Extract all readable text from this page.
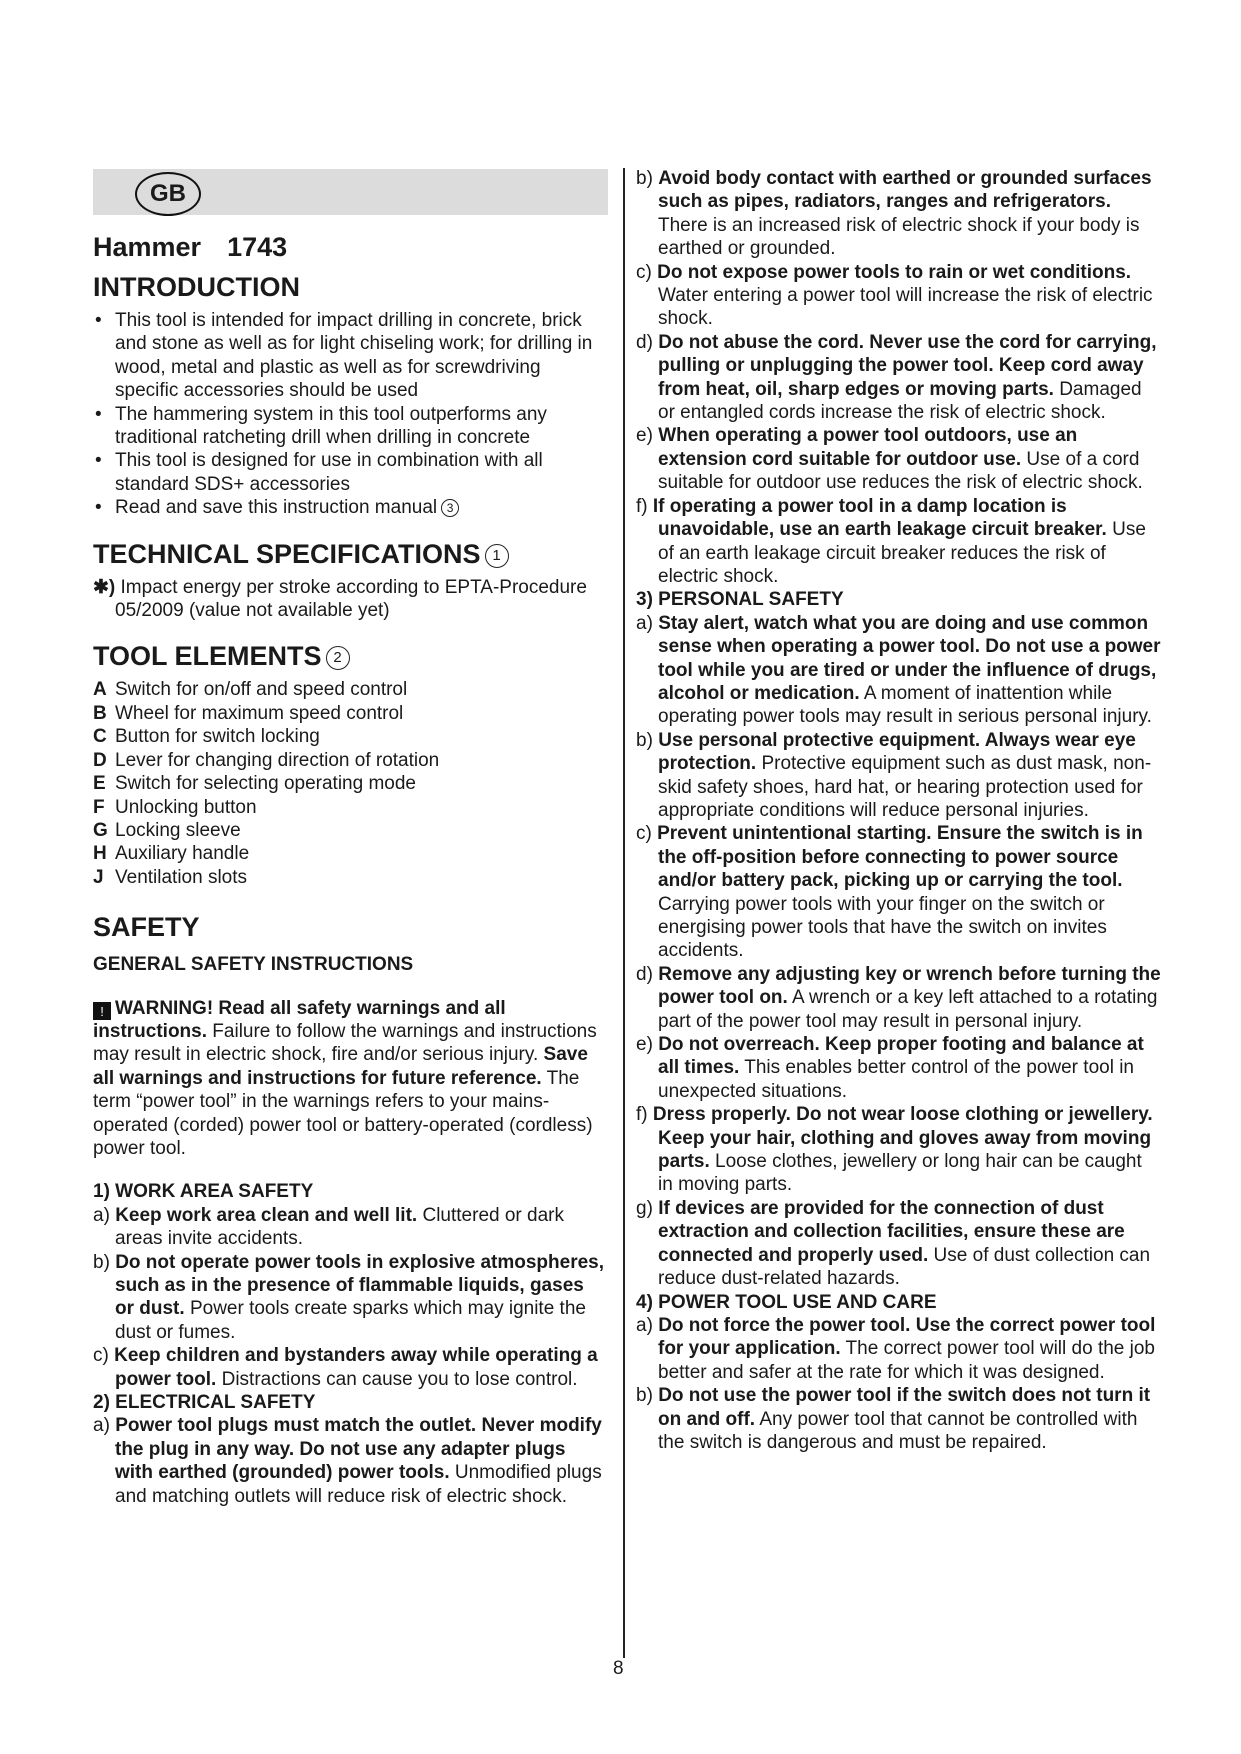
GB
Hammer 1743
INTRODUCTION

• This tool is intended for impact drilling in concrete, brick and stone as well as for light chiseling work; for drilling in wood, metal and plastic as well as for screwdriving specific accessories should be used

• The hammering system in this tool outperforms any traditional ratcheting drill when drilling in concrete

• This tool is designed for use in combination with all standard SDS+ accessories

• Read and save this instruction manual 3

TECHNICAL SPECIFICATIONS 1

✱) Impact energy per stroke according to EPTA-Procedure 05/2009 (value not available yet)

TOOL ELEMENTS 2
A Switch for on/off and speed control
B Wheel for maximum speed control
C Button for switch locking
D Lever for changing direction of rotation
E Switch for selecting operating mode
F Unlocking button
G Locking sleeve
H Auxiliary handle
J Ventilation slots
SAFETY
GENERAL SAFETY INSTRUCTIONS

! WARNING! Read all safety warnings and all instructions. Failure to follow the warnings and instructions may result in electric shock, fire and/or serious injury. Save all warnings and instructions for future reference. The term “power tool” in the warnings refers to your mains-operated (corded) power tool or battery-operated (cordless) power tool.

1) WORK AREA SAFETY

a) Keep work area clean and well lit. Cluttered or dark areas invite accidents.

b) Do not operate power tools in explosive atmospheres, such as in the presence of flammable liquids, gases or dust. Power tools create sparks which may ignite the dust or fumes.

c) Keep children and bystanders away while operating a power tool. Distractions can cause you to lose control.

2) ELECTRICAL SAFETY

a) Power tool plugs must match the outlet. Never modify the plug in any way. Do not use any adapter plugs with earthed (grounded) power tools. Unmodified plugs and matching outlets will reduce risk of electric shock.

b) Avoid body contact with earthed or grounded surfaces such as pipes, radiators, ranges and refrigerators. There is an increased risk of electric shock if your body is earthed or grounded.

c) Do not expose power tools to rain or wet conditions. Water entering a power tool will increase the risk of electric shock.

d) Do not abuse the cord. Never use the cord for carrying, pulling or unplugging the power tool. Keep cord away from heat, oil, sharp edges or moving parts. Damaged or entangled cords increase the risk of electric shock.

e) When operating a power tool outdoors, use an extension cord suitable for outdoor use. Use of a cord suitable for outdoor use reduces the risk of electric shock.

f) If operating a power tool in a damp location is unavoidable, use an earth leakage circuit breaker. Use of an earth leakage circuit breaker reduces the risk of electric shock.

3) PERSONAL SAFETY

a) Stay alert, watch what you are doing and use common sense when operating a power tool. Do not use a power tool while you are tired or under the influence of drugs, alcohol or medication. A moment of inattention while operating power tools may result in serious personal injury.

b) Use personal protective equipment. Always wear eye protection. Protective equipment such as dust mask, non-skid safety shoes, hard hat, or hearing protection used for appropriate conditions will reduce personal injuries.

c) Prevent unintentional starting. Ensure the switch is in the off-position before connecting to power source and/or battery pack, picking up or carrying the tool. Carrying power tools with your finger on the switch or energising power tools that have the switch on invites accidents.

d) Remove any adjusting key or wrench before turning the power tool on. A wrench or a key left attached to a rotating part of the power tool may result in personal injury.

e) Do not overreach. Keep proper footing and balance at all times. This enables better control of the power tool in unexpected situations.

f) Dress properly. Do not wear loose clothing or jewellery. Keep your hair, clothing and gloves away from moving parts. Loose clothes, jewellery or long hair can be caught in moving parts.

g) If devices are provided for the connection of dust extraction and collection facilities, ensure these are connected and properly used. Use of dust collection can reduce dust-related hazards.

4) POWER TOOL USE AND CARE

a) Do not force the power tool. Use the correct power tool for your application. The correct power tool will do the job better and safer at the rate for which it was designed.

b) Do not use the power tool if the switch does not turn it on and off. Any power tool that cannot be controlled with the switch is dangerous and must be repaired.

8
